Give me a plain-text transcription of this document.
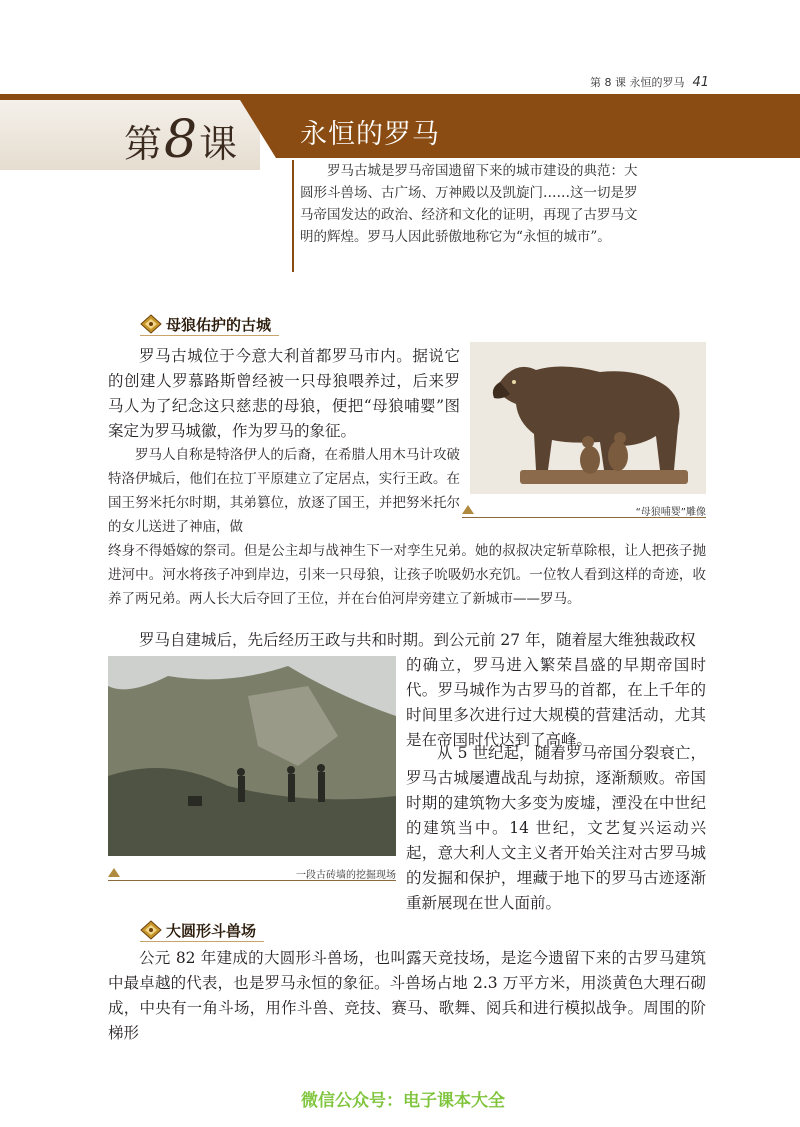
第 8 课 永恒的罗马 41
第8课 永恒的罗马
罗马古城是罗马帝国遗留下来的城市建设的典范：大圆形斗兽场、古广场、万神殿以及凯旋门……这一切是罗马帝国发达的政治、经济和文化的证明，再现了古罗马文明的辉煌。罗马人因此骄傲地称它为“永恒的城市”。
母狼佑护的古城

罗马古城位于今意大利首都罗马市内。据说它的创建人罗慕路斯曾经被一只母狼喂养过，后来罗马人为了纪念这只慈悲的母狼，便把“母狼哺婴”图案定为罗马城徽，作为罗马的象征。

罗马人自称是特洛伊人的后裔，在希腊人用木马计攻破特洛伊城后，他们在拉丁平原建立了定居点，实行王政。在国王努米托尔时期，其弟篡位，放逐了国王，并把努米托尔的女儿送进了神庙，做

终身不得婚嫁的祭司。但是公主却与战神生下一对孪生兄弟。她的叔叔决定斩草除根，让人把孩子抛进河中。河水将孩子冲到岸边，引来一只母狼，让孩子吮吸奶水充饥。一位牧人看到这样的奇迹，收养了两兄弟。两人长大后夺回了王位，并在台伯河岸旁建立了新城市——罗马。

“母狼哺婴”雕像

罗马自建城后，先后经历王政与共和时期。到公元前 27 年，随着屋大维独裁政权

一段古砖墙的挖掘现场

的确立，罗马进入繁荣昌盛的早期帝国时代。罗马城作为古罗马的首都，在上千年的时间里多次进行过大规模的营建活动，尤其是在帝国时代达到了高峰。

从 5 世纪起，随着罗马帝国分裂衰亡，罗马古城屡遭战乱与劫掠，逐渐颓败。帝国时期的建筑物大多变为废墟，湮没在中世纪的建筑当中。14 世纪，文艺复兴运动兴起，意大利人文主义者开始关注对古罗马城的发掘和保护，埋藏于地下的罗马古迹逐渐重新展现在世人面前。

大圆形斗兽场

公元 82 年建成的大圆形斗兽场，也叫露天竞技场，是迄今遗留下来的古罗马建筑中最卓越的代表，也是罗马永恒的象征。斗兽场占地 2.3 万平方米，用淡黄色大理石砌成，中央有一角斗场，用作斗兽、竞技、赛马、歌舞、阅兵和进行模拟战争。周围的阶梯形

微信公众号：电子课本大全
